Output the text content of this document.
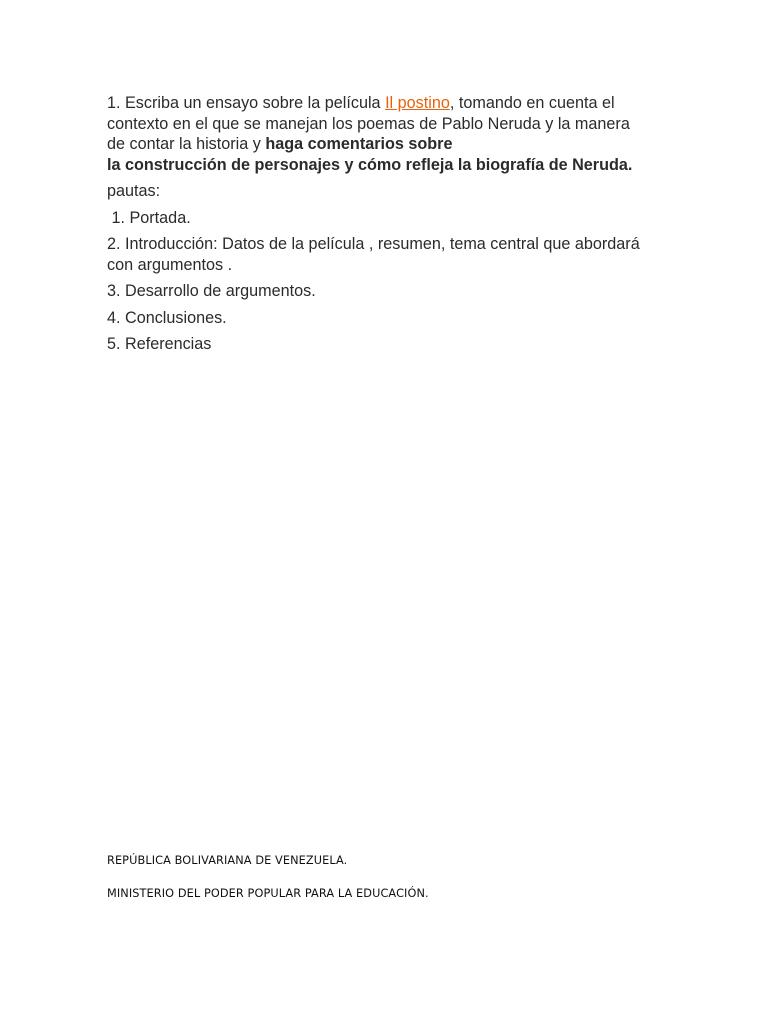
1. Escriba un ensayo sobre la película Il postino, tomando en cuenta el contexto en el que se manejan los poemas de Pablo Neruda y la manera de contar la historia y haga comentarios sobre
la construcción de personajes y cómo refleja la biografía de Neruda.

pautas:

1. Portada.

2. Introducción: Datos de la película , resumen, tema central que abordará con argumentos .

3. Desarrollo de argumentos.

4. Conclusiones.

5. Referencias

REPÚBLICA BOLIVARIANA DE VENEZUELA.

MINISTERIO DEL PODER POPULAR PARA LA EDUCACIÓN.
